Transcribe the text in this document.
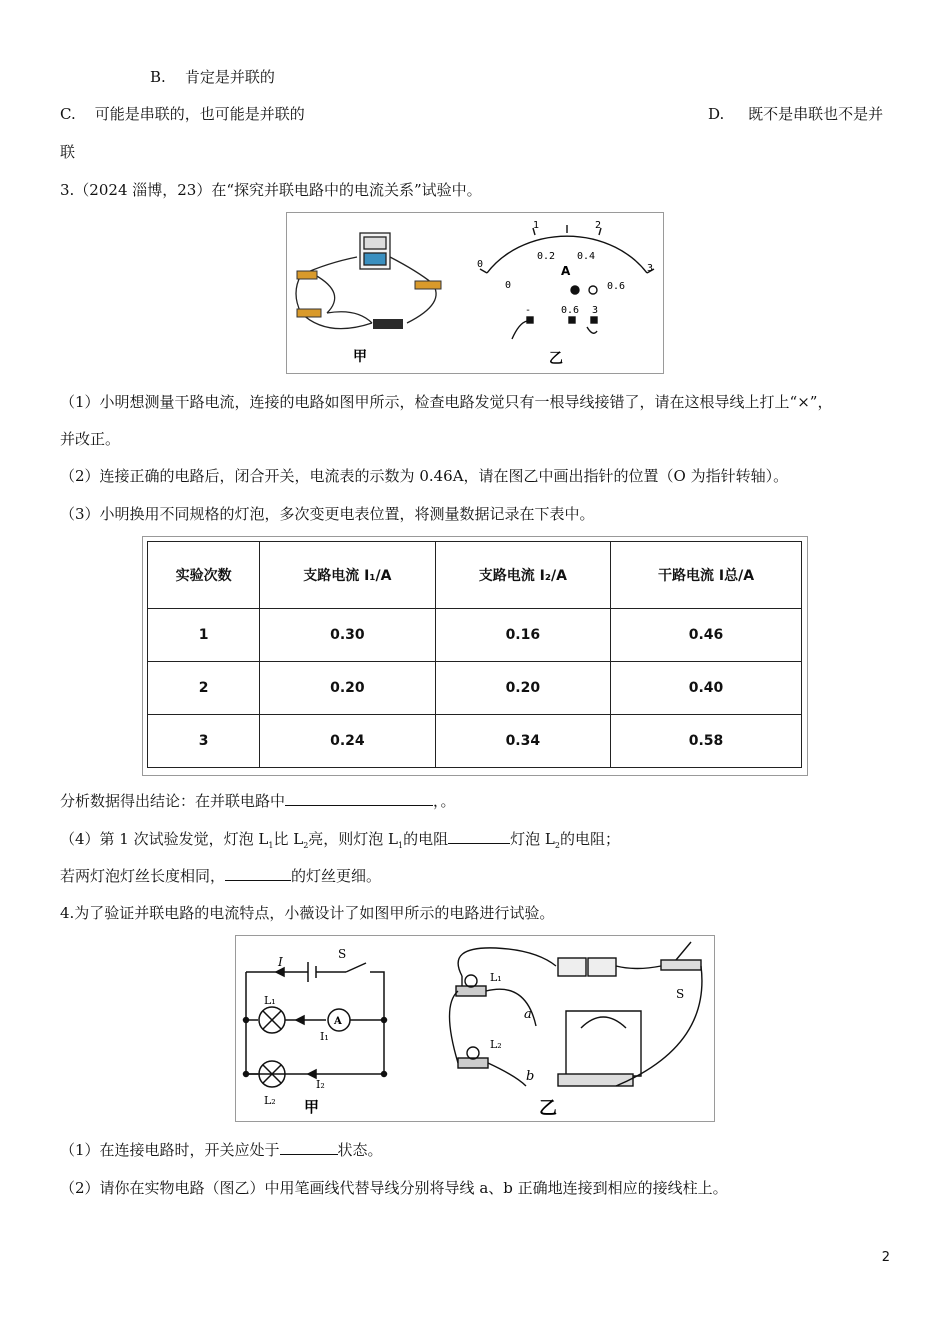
B. 肯定是并联的
C. 可能是串联的，也可能是并联的	D. 既不是串联也不是并
联
3.（2024 淄博，23）在“探究并联电路中的电流关系”试验中。
甲
0
1	2
3
0
0.2 0.4
0.6
A
-	0.6 3
乙
（1）小明想测量干路电流，连接的电路如图甲所示，检查电路发觉只有一根导线接错了，请在这根导线上打上“×”，
并改正。
（2）连接正确的电路后，闭合开关，电流表的示数为 0.46A，请在图乙中画出指针的位置（O 为指针转轴）。
（3）小明换用不同规格的灯泡，多次变更电表位置，将测量数据记录在下表中。
实验次数	支路电流 I₁/A	支路电流 I₂/A	干路电流 I总/A
1	0.30	0.16	0.46
2	0.20	0.20	0.40
3	0.24	0.34	0.58
分析数据得出结论：在并联电路中	，。
（4）第 1 次试验发觉，灯泡 $L_1$比 $L_2$亮，则灯泡 $L_1$的电阻	灯泡 $L_2$的电阻；
若两灯泡灯丝长度相同，	的灯丝更细。
4.为了验证并联电路的电流特点，小薇设计了如图甲所示的电路进行试验。
I
S
L₁
A
I₁
I₂
L₂ 甲
L₁
L₂
a
b
S
乙
（1）在连接电路时，开关应处于	状态。
（2）请你在实物电路（图乙）中用笔画线代替导线分别将导线 a、b 正确地连接到相应的接线柱上。
2
